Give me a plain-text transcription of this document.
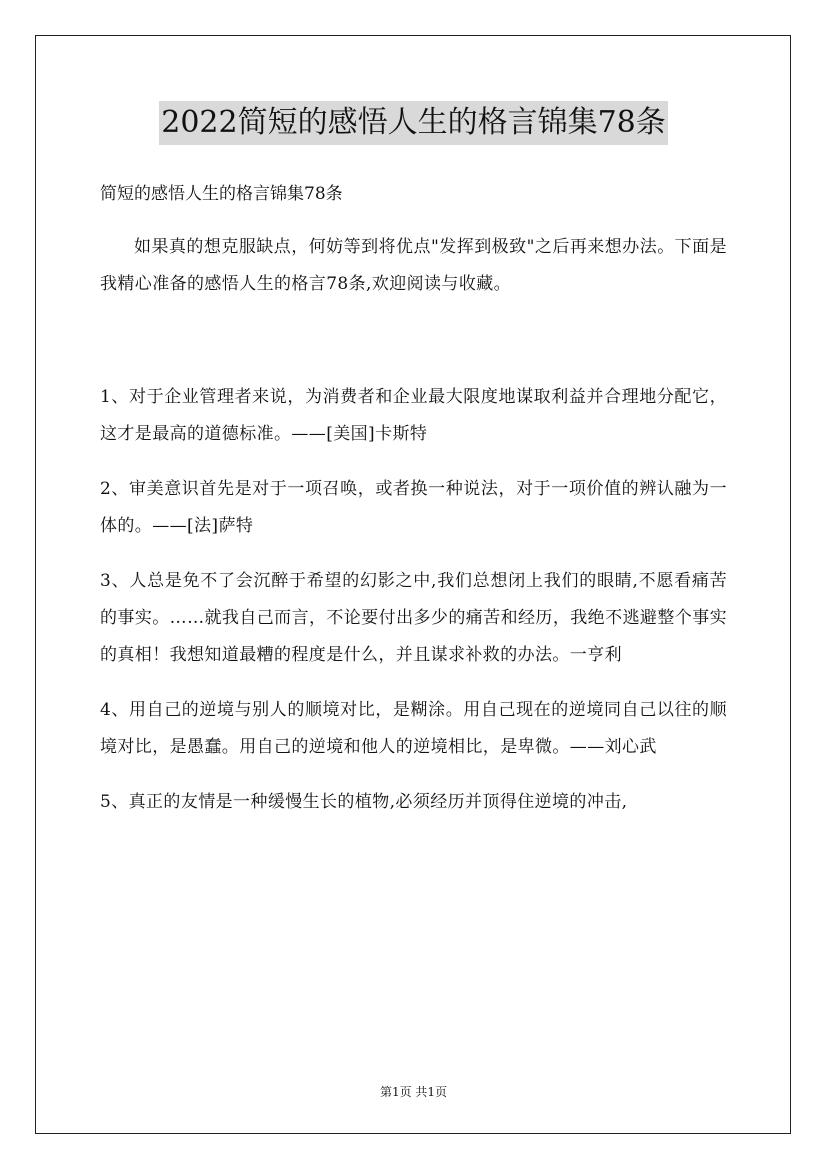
2022简短的感悟人生的格言锦集78条
简短的感悟人生的格言锦集78条

如果真的想克服缺点，何妨等到将优点"发挥到极致"之后再来想办法。下面是我精心准备的感悟人生的格言78条,欢迎阅读与收藏。

1、对于企业管理者来说，为消费者和企业最大限度地谋取利益并合理地分配它，这才是最高的道德标准。——[美国]卡斯特

2、审美意识首先是对于一项召唤，或者换一种说法，对于一项价值的辨认融为一体的。——[法]萨特

3、人总是免不了会沉醉于希望的幻影之中,我们总想闭上我们的眼睛,不愿看痛苦的事实。……就我自己而言，不论要付出多少的痛苦和经历，我绝不逃避整个事实的真相！我想知道最糟的程度是什么，并且谋求补救的办法。一亨利

4、用自己的逆境与别人的顺境对比，是糊涂。用自己现在的逆境同自己以往的顺境对比，是愚蠢。用自己的逆境和他人的逆境相比，是卑微。——刘心武

5、真正的友情是一种缓慢生长的植物,必须经历并顶得住逆境的冲击,

第1页 共1页
